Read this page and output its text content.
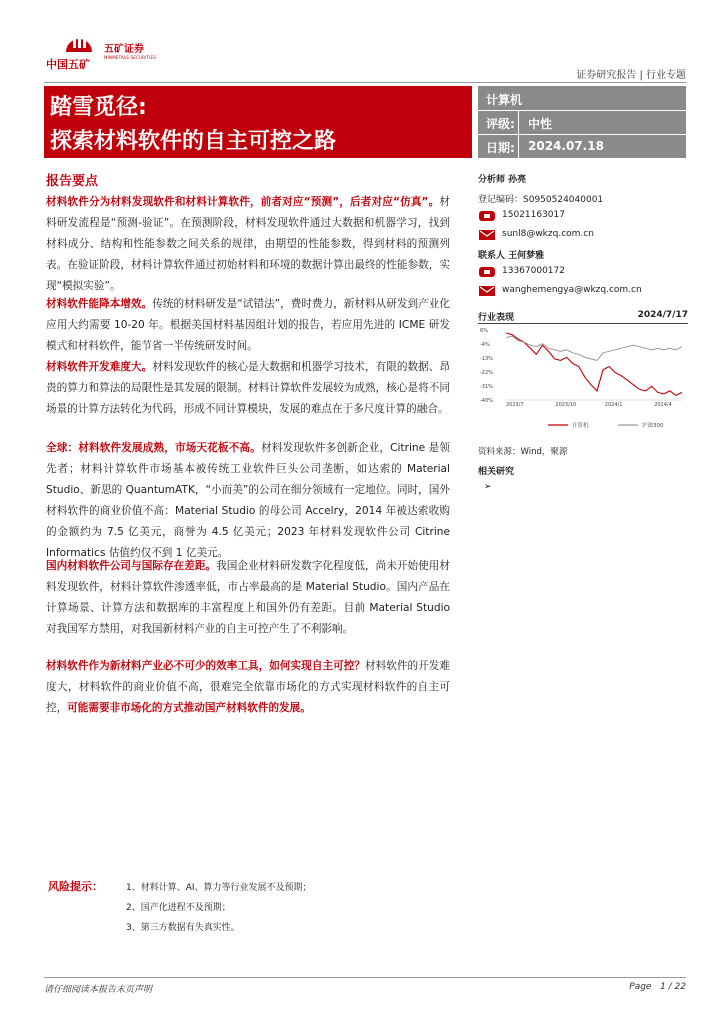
中国五矿
五矿证券
MINMETALS SECURITIES
证券研究报告 | 行业专题
踏雪觅径:
探索材料软件的自主可控之路
计算机
评级: 中性
日期: 2024.07.18
报告要点
材料软件分为材料发现软件和材料计算软件，前者对应“预测”，后者对应“仿真”。材料研发流程是“预测-验证”。在预测阶段，材料发现软件通过大数据和机器学习，找到材料成分、结构和性能参数之间关系的规律，由期望的性能参数，得到材料的预测列表。在验证阶段，材料计算软件通过初始材料和环境的数据计算出最终的性能参数，实现“模拟实验”。
材料软件能降本增效。传统的材料研发是“试错法”，费时费力，新材料从研发到产业化应用大约需要 10-20 年。根据美国材料基因组计划的报告，若应用先进的 ICME 研发模式和材料软件，能节省一半传统研发时间。
材料软件开发难度大。材料发现软件的核心是大数据和机器学习技术，有限的数据、昂贵的算力和算法的局限性是其发展的限制。材料计算软件发展较为成熟，核心是将不同场景的计算方法转化为代码，形成不同计算模块，发展的难点在于多尺度计算的融合。
全球：材料软件发展成熟，市场天花板不高。材料发现软件多创新企业，Citrine 是领先者；材料计算软件市场基本被传统工业软件巨头公司垄断，如达索的 Material Studio、新思的 QuantumATK，“小而美”的公司在细分领域有一定地位。同时，国外材料软件的商业价值不高：Material Studio 的母公司 Accelry，2014 年被达索收购的金额约为 7.5 亿美元，商誉为 4.5 亿美元；2023 年材料发现软件公司 Citrine Informatics 估值约仅不到 1 亿美元。
国内材料软件公司与国际存在差距。我国企业材料研发数字化程度低，尚未开始使用材料发现软件，材料计算软件渗透率低，市占率最高的是 Material Studio。国内产品在计算场景、计算方法和数据库的丰富程度上和国外仍有差距。目前 Material Studio 对我国军方禁用，对我国新材料产业的自主可控产生了不利影响。
材料软件作为新材料产业必不可少的效率工具，如何实现自主可控？材料软件的开发难度大，材料软件的商业价值不高，很难完全依靠市场化的方式实现材料软件的自主可控，可能需要非市场化的方式推动国产材料软件的发展。
分析师 孙亮
登记编码：S0950524040001
15021163017
sunl8@wkzq.com.cn
联系人 王何梦雅
13367000172
wanghemengya@wkzq.com.cn
行业表现	2024/7/17
6%
-4%
-13%
-22%
-31%
-40%
2023/7	2023/10	2024/1	2024/4
计算机	沪深300
资料来源：Wind，聚源
相关研究
➢
风险提示：	1、材料计算、AI、算力等行业发展不及预期；
2、国产化进程不及预期；
3、第三方数据有失真实性。
请仔细阅读本报告末页声明	Page 1 / 22
